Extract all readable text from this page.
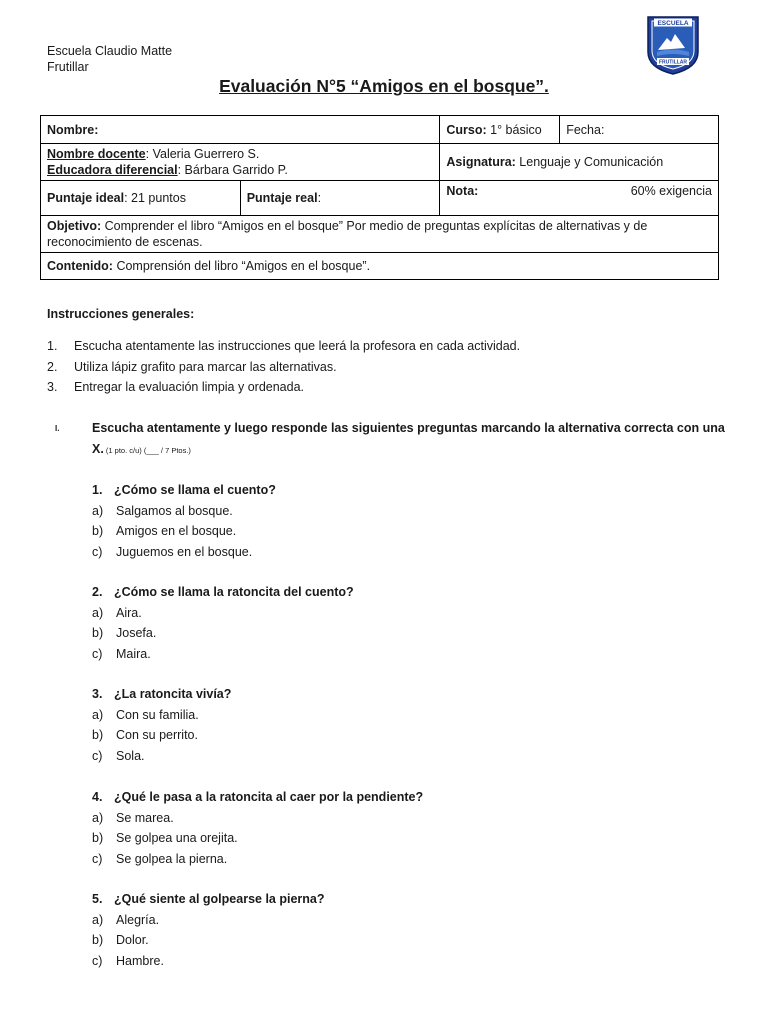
Escuela Claudio Matte
Frutillar
ESCUELA
FRUTILLAR
Evaluación N°5 “Amigos en el bosque”.
Nombre:		Curso: 1° básico	Fecha:

Nombre docente: Valeria Guerrero S.
Educadora diferencial: Bárbara Garrido P.		Asignatura: Lenguaje y Comunicación	
Puntaje ideal: 21 puntos	Puntaje real:	Nota: 60% exigencia	

Objetivo: Comprender el libro “Amigos en el bosque” Por medio de preguntas explícitas de alternativas y de reconocimiento de escenas.			
Contenido: Comprensión del libro “Amigos en el bosque”.			
Instrucciones generales:
1.	Escucha atentamente las instrucciones que leerá la profesora en cada actividad.
2.	Utiliza lápiz grafito para marcar las alternativas.
3.	Entregar la evaluación limpia y ordenada.
I.	Escucha atentamente y luego responde las siguientes preguntas marcando la alternativa correcta con una X. (1 pto. c/u) (___ / 7 Ptos.)
1. ¿Cómo se llama el cuento?
a)	Salgamos al bosque.
b)	Amigos en el bosque.
c)	Juguemos en el bosque.
2. ¿Cómo se llama la ratoncita del cuento?
a)	Aira.
b)	Josefa.
c)	Maira.
3. ¿La ratoncita vivía?
a)	Con su familia.
b)	Con su perrito.
c)	Sola.
4. ¿Qué le pasa a la ratoncita al caer por la pendiente?
a)	Se marea.
b)	Se golpea una orejita.
c)	Se golpea la pierna.
5. ¿Qué siente al golpearse la pierna?
a)	Alegría.
b)	Dolor.
c)	Hambre.
